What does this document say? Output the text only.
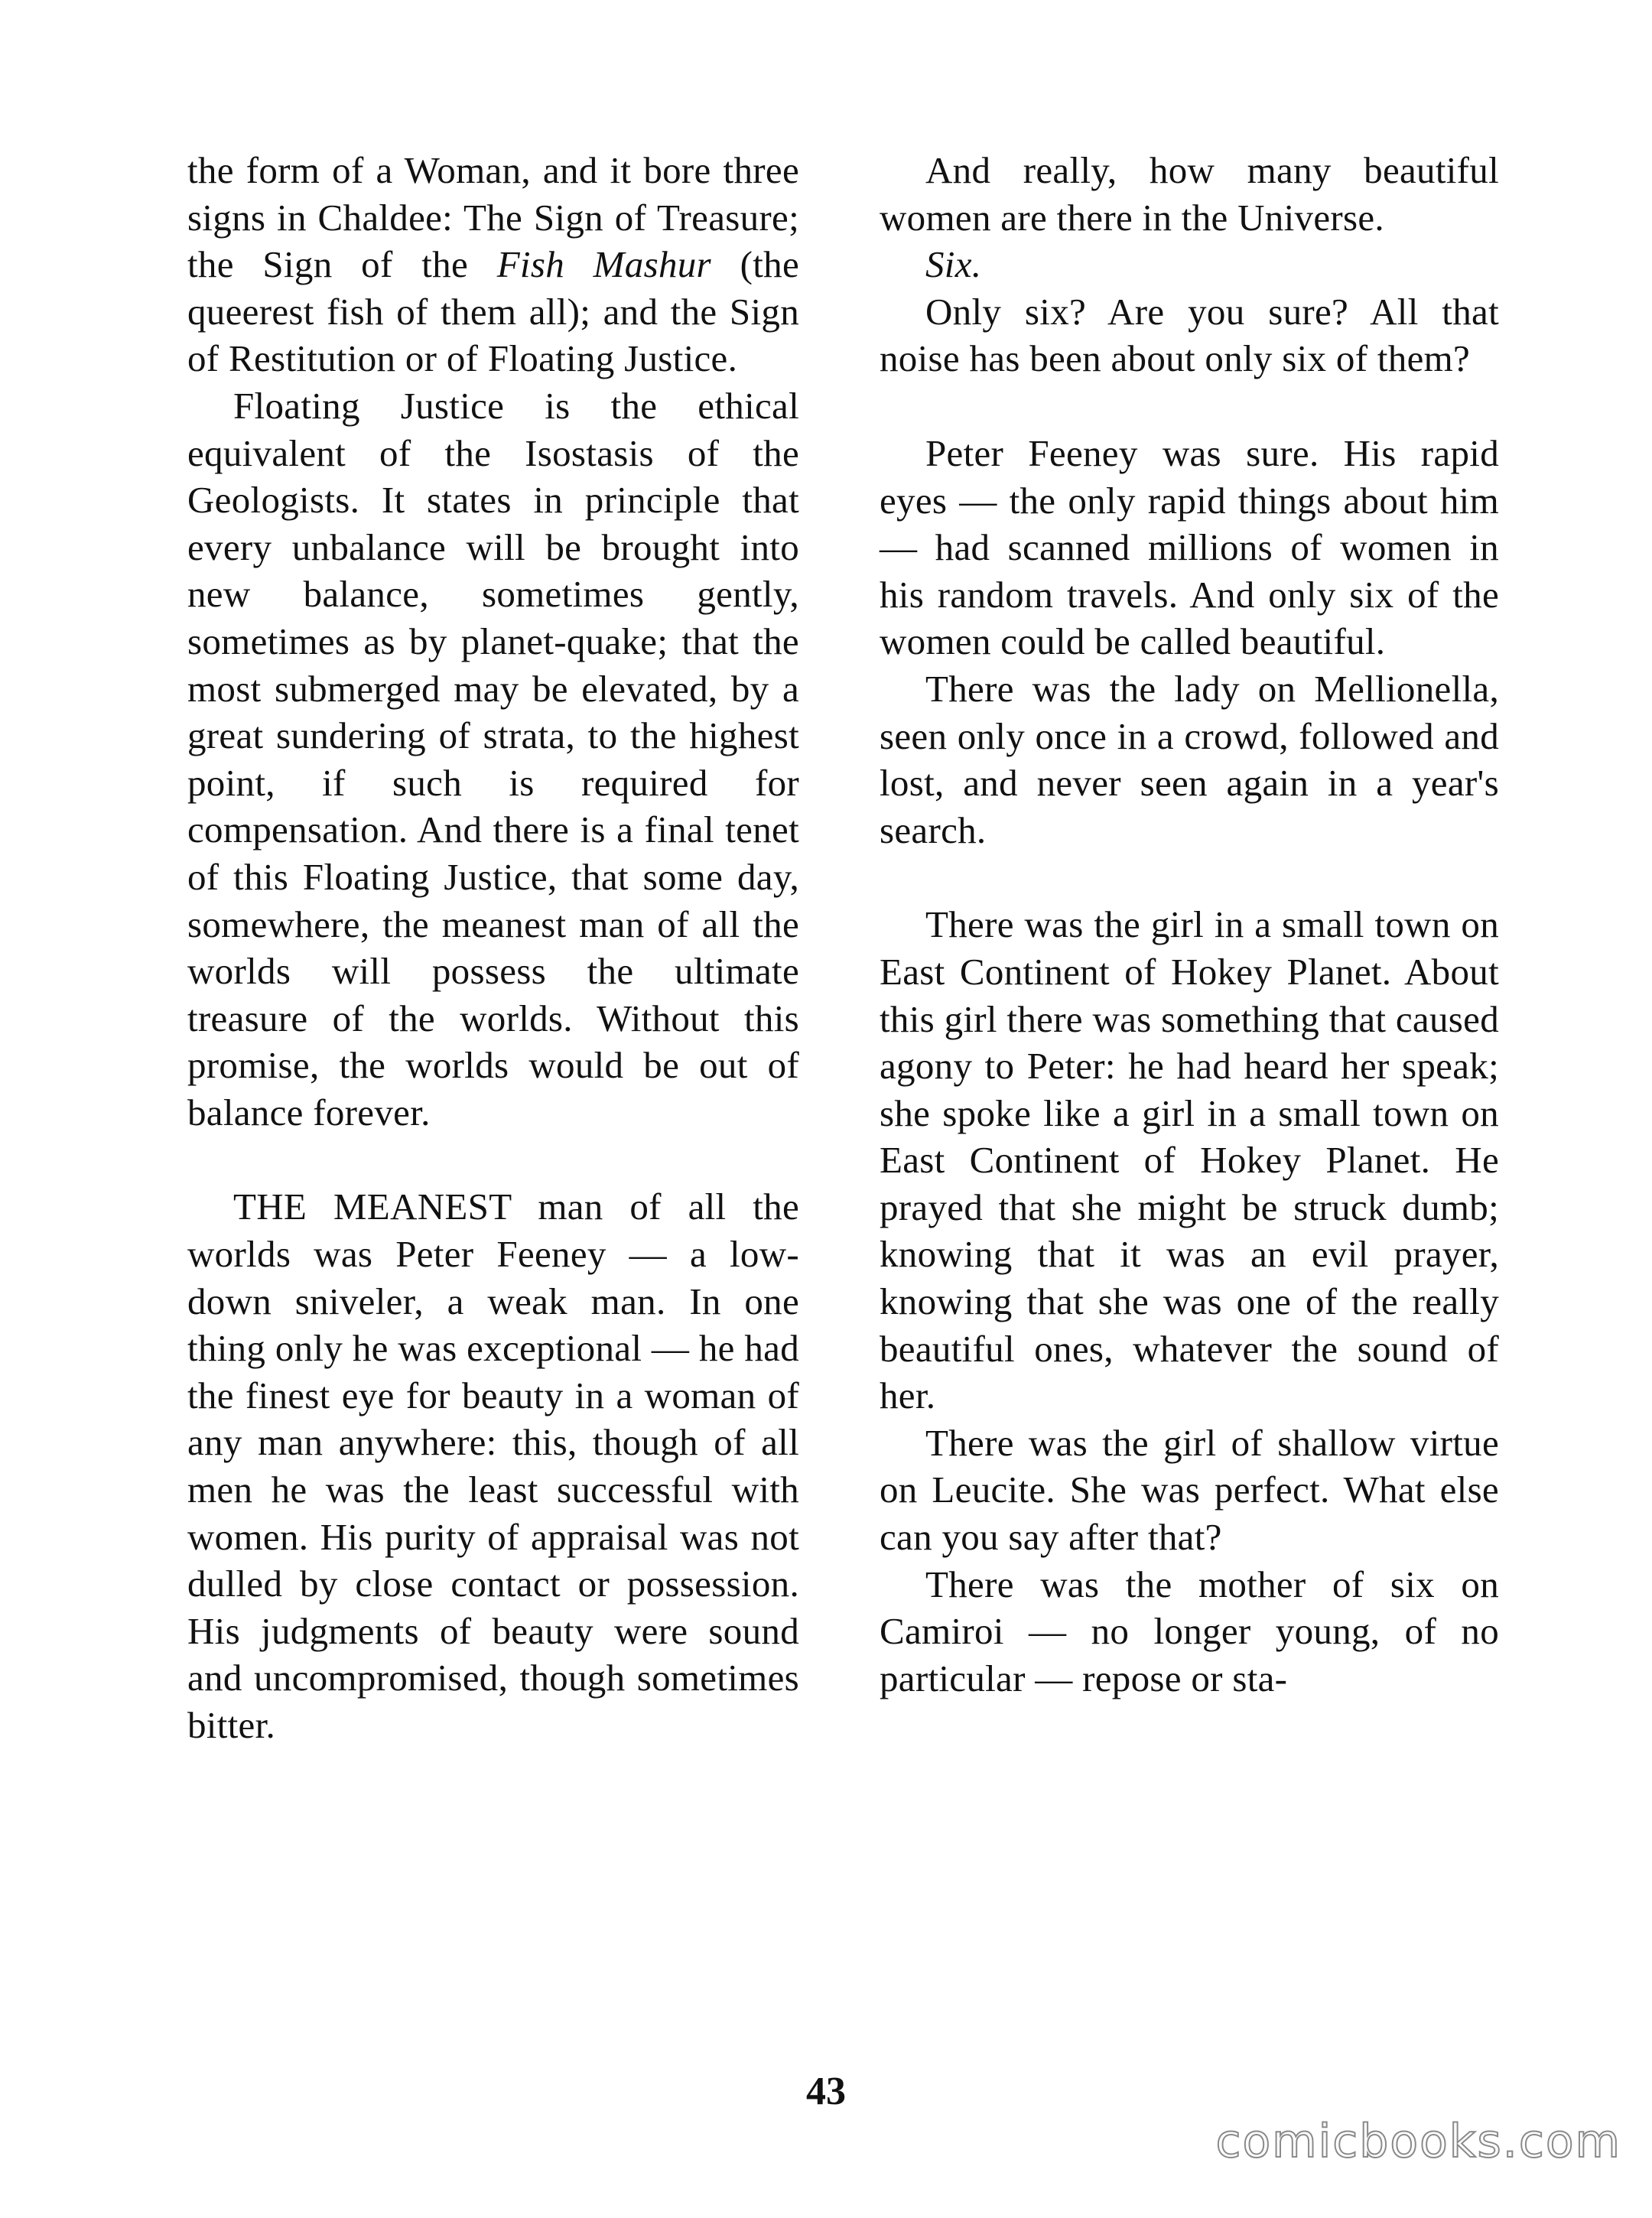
the form of a Woman, and it bore three signs in Chaldee: The Sign of Treasure; the Sign of the Fish Mashur (the queerest fish of them all); and the Sign of Restitution or of Floating Justice.

Floating Justice is the ethical equivalent of the Isostasis of the Geologists. It states in principle that every unbalance will be brought into new balance, sometimes gently, sometimes as by planet-quake; that the most submerged may be elevated, by a great sundering of strata, to the highest point, if such is required for compensation. And there is a final tenet of this Floating Justice, that some day, somewhere, the meanest man of all the worlds will possess the ultimate treasure of the worlds. Without this promise, the worlds would be out of balance forever.

THE MEANEST man of all the worlds was Peter Feeney — a low-down sniveler, a weak man. In one thing only he was exceptional — he had the finest eye for beauty in a woman of any man anywhere: this, though of all men he was the least successful with women. His purity of appraisal was not dulled by close contact or possession. His judgments of beauty were sound and uncompromised, though sometimes bitter.

And really, how many beautiful women are there in the Universe.

Six.

Only six? Are you sure? All that noise has been about only six of them?

Peter Feeney was sure. His rapid eyes — the only rapid things about him — had scanned millions of women in his random travels. And only six of the women could be called beautiful.

There was the lady on Mellionella, seen only once in a crowd, followed and lost, and never seen again in a year's search.

There was the girl in a small town on East Continent of Hokey Planet. About this girl there was something that caused agony to Peter: he had heard her speak; she spoke like a girl in a small town on East Continent of Hokey Planet. He prayed that she might be struck dumb; knowing that it was an evil prayer, knowing that she was one of the really beautiful ones, whatever the sound of her.

There was the girl of shallow virtue on Leucite. She was perfect. What else can you say after that?

There was the mother of six on Camiroi — no longer young, of no particular — repose or sta-

43
comicbooks.com
